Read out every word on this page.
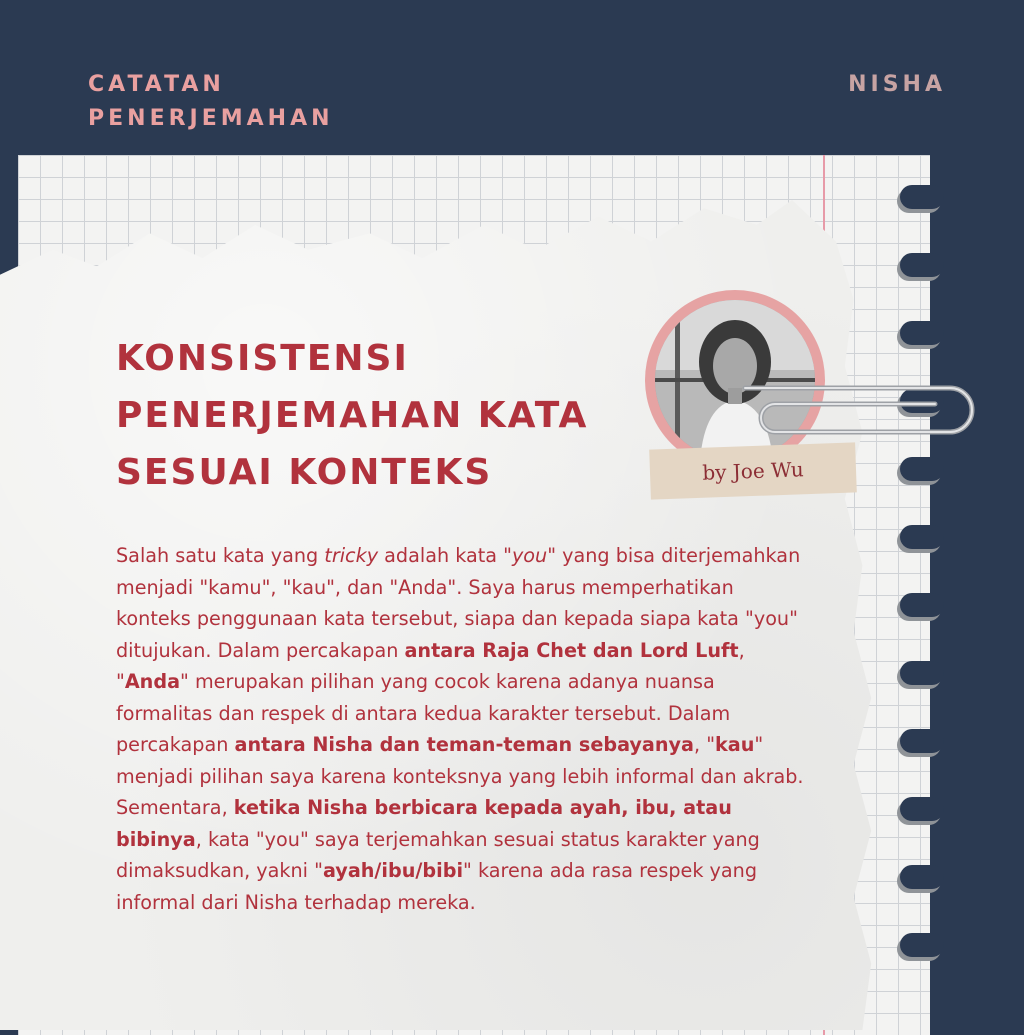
CATATAN
PENERJEMAHAN
NISHA
KONSISTENSI PENERJEMAHAN KATA SESUAI KONTEKS	by Joe Wu
Salah satu kata yang tricky adalah kata "you" yang bisa diterjemahkan menjadi "kamu", "kau", dan "Anda". Saya harus memperhatikan konteks penggunaan kata tersebut, siapa dan kepada siapa kata "you" ditujukan. Dalam percakapan antara Raja Chet dan Lord Luft, "Anda" merupakan pilihan yang cocok karena adanya nuansa formalitas dan respek di antara kedua karakter tersebut. Dalam percakapan antara Nisha dan teman-teman sebayanya, "kau" menjadi pilihan saya karena konteksnya yang lebih informal dan akrab. Sementara, ketika Nisha berbicara kepada ayah, ibu, atau bibinya, kata "you" saya terjemahkan sesuai status karakter yang dimaksudkan, yakni "ayah/ibu/bibi" karena ada rasa respek yang informal dari Nisha terhadap mereka.
